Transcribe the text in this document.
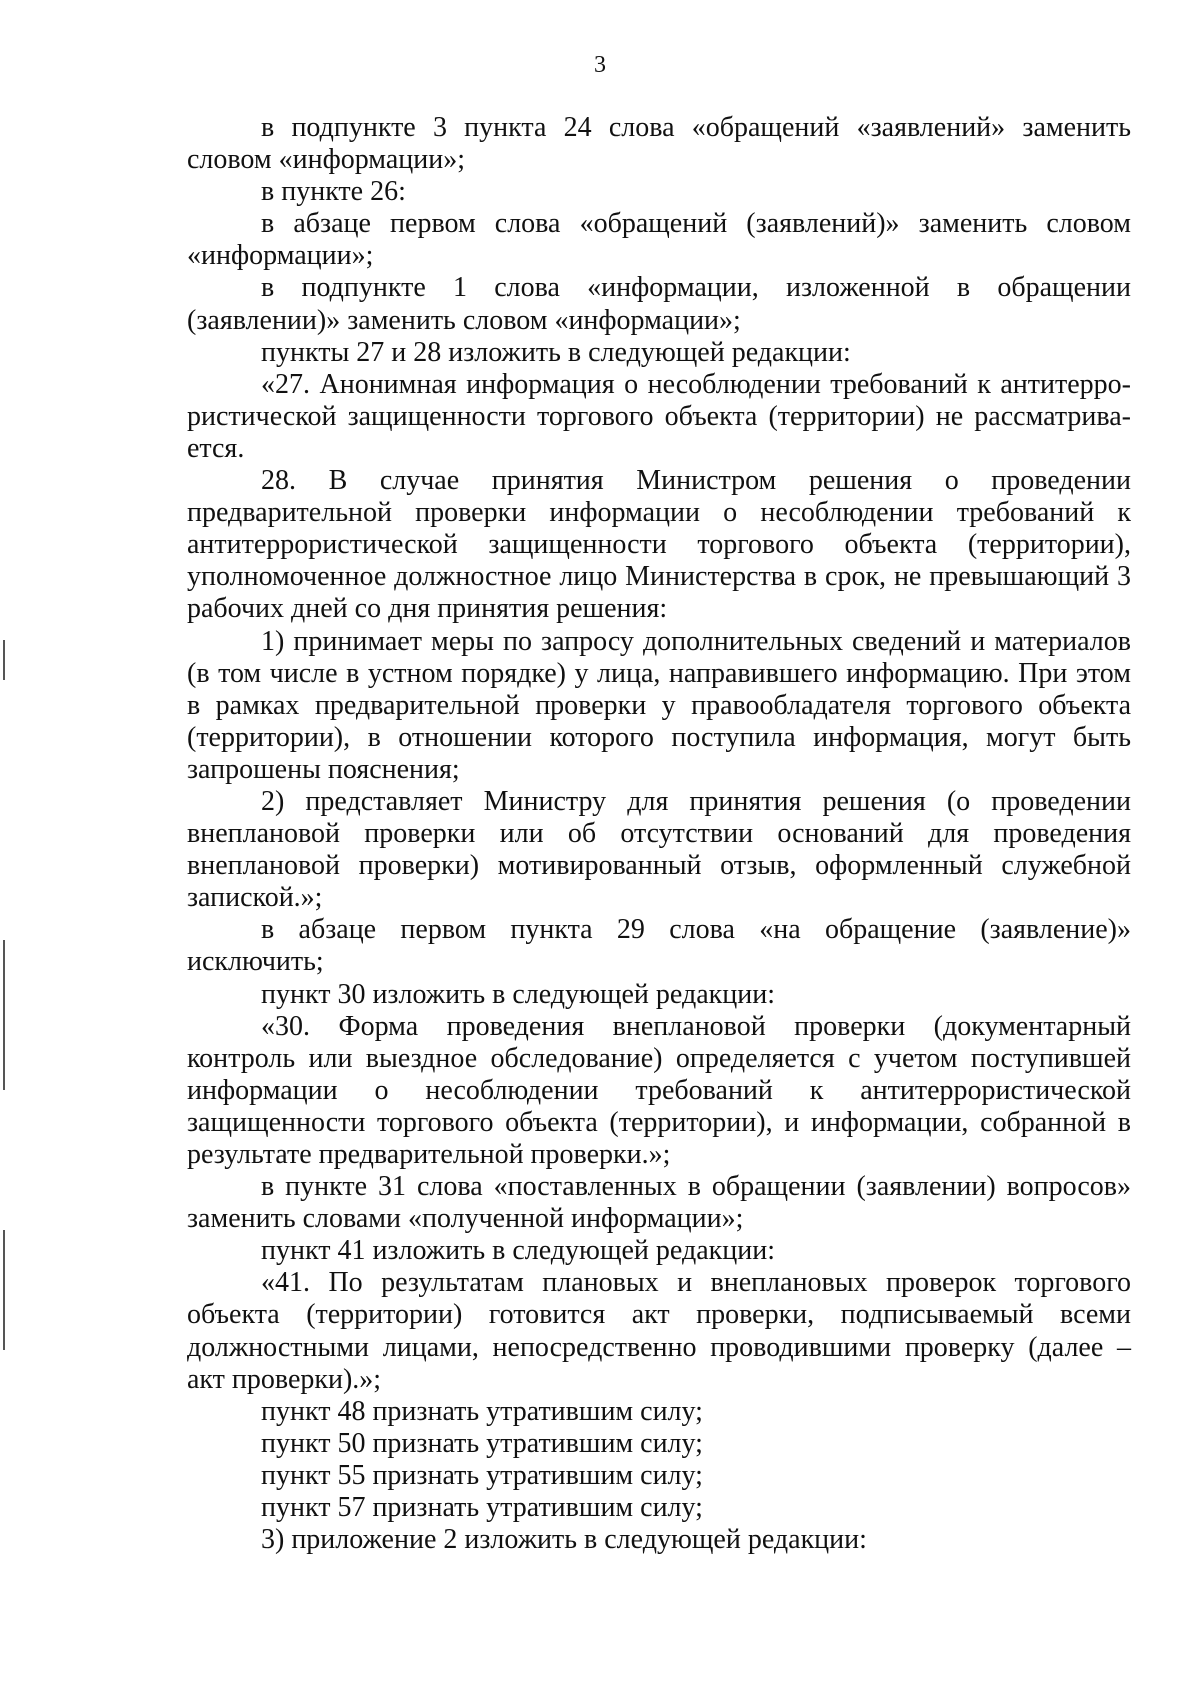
3

в подпункте 3 пункта 24 слова «обращений «заявлений» заменить словом «информации»;

в пункте 26:

в абзаце первом слова «обращений (заявлений)» заменить словом «информации»;

в подпункте 1 слова «информации, изложенной в обращении (заявлении)» заменить словом «информации»;

пункты 27 и 28 изложить в следующей редакции:

«27. Анонимная информация о несоблюдении требований к антитеррористической защищенности торгового объекта (территории) не рассматривается.

28. В случае принятия Министром решения о проведении предварительной проверки информации о несоблюдении требований к антитеррористической защищенности торгового объекта (территории), уполномоченное должностное лицо Министерства в срок, не превышающий 3 рабочих дней со дня принятия решения:

1) принимает меры по запросу дополнительных сведений и материалов (в том числе в устном порядке) у лица, направившего информацию. При этом в рамках предварительной проверки у правообладателя торгового объекта (территории), в отношении которого поступила информация, могут быть запрошены пояснения;

2) представляет Министру для принятия решения (о проведении внеплановой проверки или об отсутствии оснований для проведения внеплановой проверки) мотивированный отзыв, оформленный служебной запиской.»;

в абзаце первом пункта 29 слова «на обращение (заявление)» исключить;

пункт 30 изложить в следующей редакции:

«30. Форма проведения внеплановой проверки (документарный контроль или выездное обследование) определяется с учетом поступившей информации о несоблюдении требований к антитеррористической защищенности торгового объекта (территории), и информации, собранной в результате предварительной проверки.»;

в пункте 31 слова «поставленных в обращении (заявлении) вопросов» заменить словами «полученной информации»;

пункт 41 изложить в следующей редакции:

«41. По результатам плановых и внеплановых проверок торгового объекта (территории) готовится акт проверки, подписываемый всеми должностными лицами, непосредственно проводившими проверку (далее – акт проверки).»;

пункт 48 признать утратившим силу;

пункт 50 признать утратившим силу;

пункт 55 признать утратившим силу;

пункт 57 признать утратившим силу;

3) приложение 2 изложить в следующей редакции:
